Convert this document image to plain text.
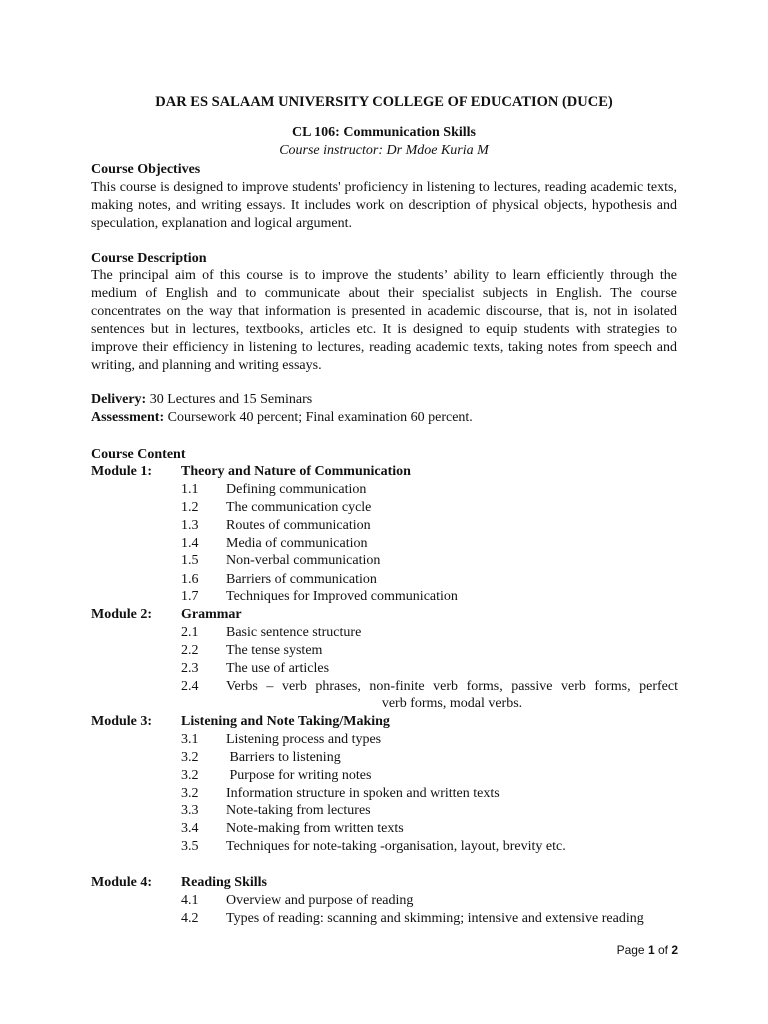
DAR ES SALAAM UNIVERSITY COLLEGE OF EDUCATION (DUCE)
CL 106: Communication Skills
Course instructor: Dr Mdoe Kuria M
Course Objectives

This course is designed to improve students' proficiency in listening to lectures, reading academic texts, making notes, and writing essays. It includes work on description of physical objects, hypothesis and speculation, explanation and logical argument.

Course Description

The principal aim of this course is to improve the students’ ability to learn efficiently through the medium of English and to communicate about their specialist subjects in English. The course concentrates on the way that information is presented in academic discourse, that is, not in isolated sentences but in lectures, textbooks, articles etc. It is designed to equip students with strategies to improve their efficiency in listening to lectures, reading academic texts, taking notes from speech and writing, and planning and writing essays.

Delivery: 30 Lectures and 15 Seminars
Assessment: Coursework 40 percent; Final examination 60 percent.
Course Content
Module 1: Theory and Nature of Communication
1.1 Defining communication
1.2 The communication cycle
1.3 Routes of communication
1.4 Media of communication
1.5 Non-verbal communication
1.6 Barriers of communication
1.7 Techniques for Improved communication
Module 2: Grammar
2.1 Basic sentence structure
2.2 The tense system
2.3 The use of articles
2.4 Verbs – verb phrases, non-finite verb forms, passive verb forms, perfect
verb forms, modal verbs.
Module 3: Listening and Note Taking/Making
3.1 Listening process and types
3.2 Barriers to listening
3.2 Purpose for writing notes
3.2 Information structure in spoken and written texts
3.3 Note-taking from lectures
3.4 Note-making from written texts
3.5 Techniques for note-taking -organisation, layout, brevity etc.
Module 4: Reading Skills
4.1 Overview and purpose of reading
4.2 Types of reading: scanning and skimming; intensive and extensive reading
Page 1 of 2
